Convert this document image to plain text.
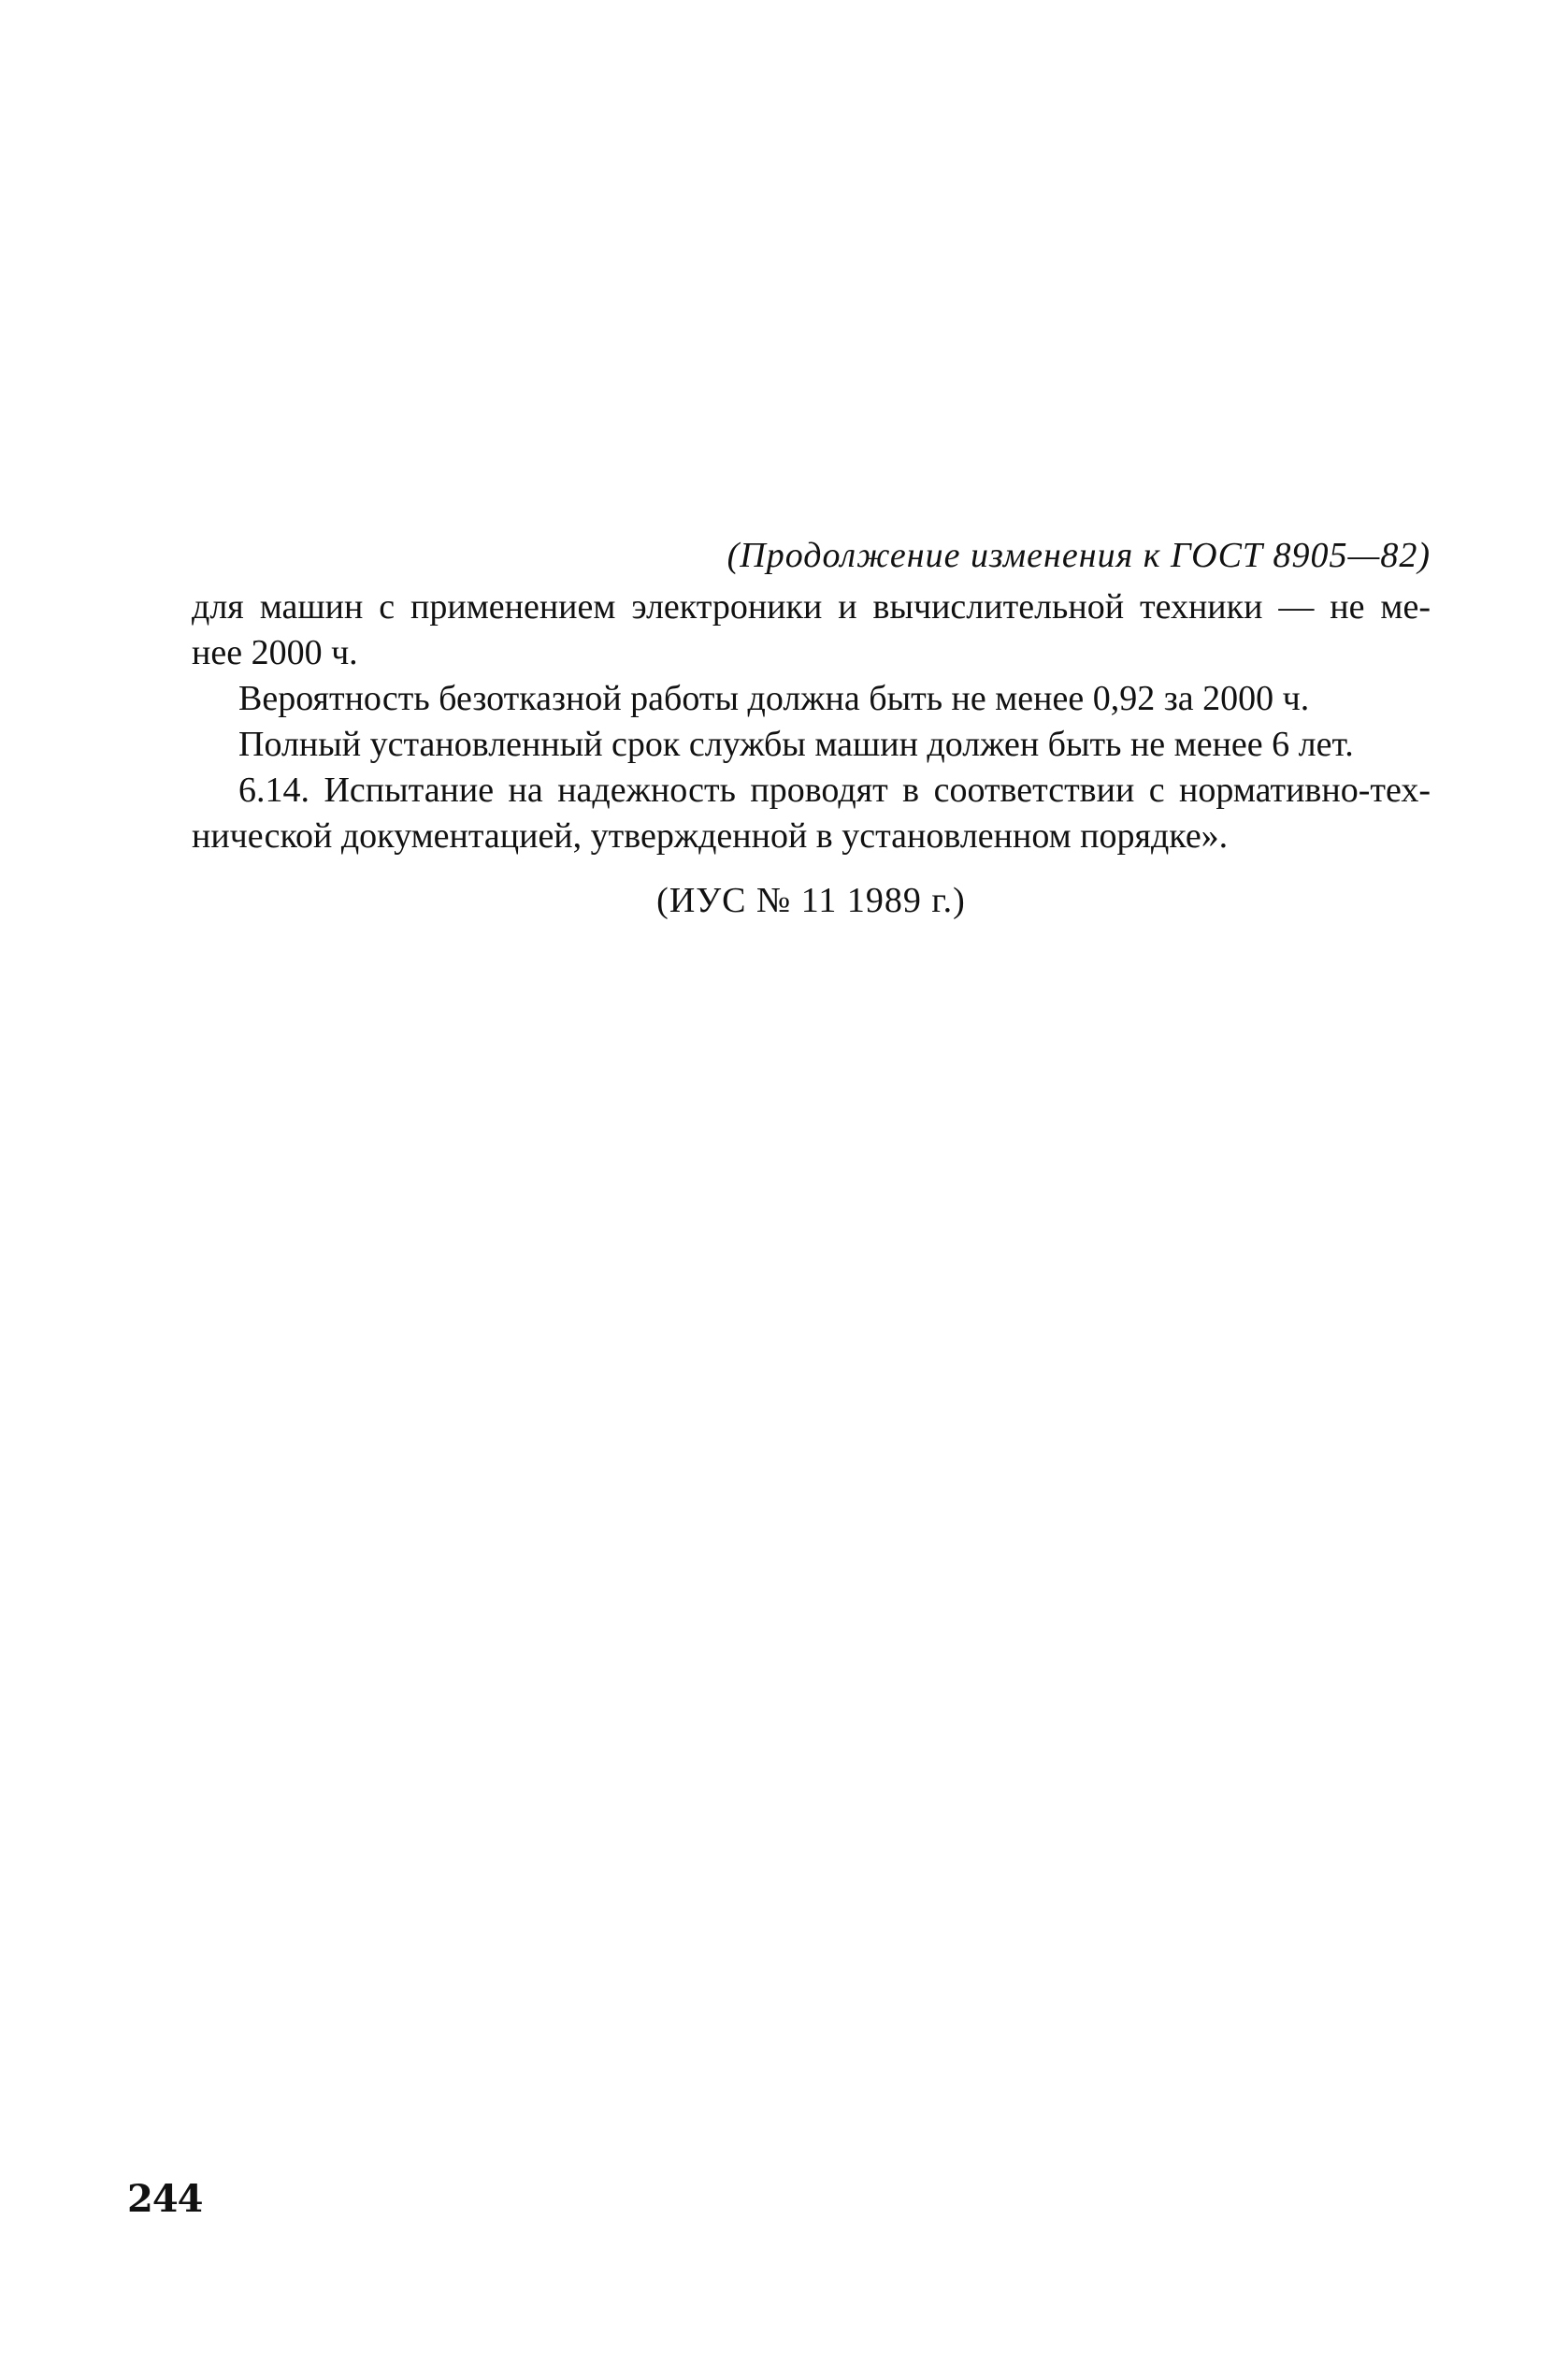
(Продолжение изменения к ГОСТ 8905—82)

для машин с применением электроники и вычислительной техники — не ме-
нее 2000 ч.

Вероятность безотказной работы должна быть не менее 0,92 за 2000 ч.

Полный установленный срок службы машин должен быть не менее 6 лет.

6.14. Испытание на надежность проводят в соответствии с нормативно-тех-
нической документацией, утвержденной в установленном порядке».

(ИУС № 11 1989 г.)
244
